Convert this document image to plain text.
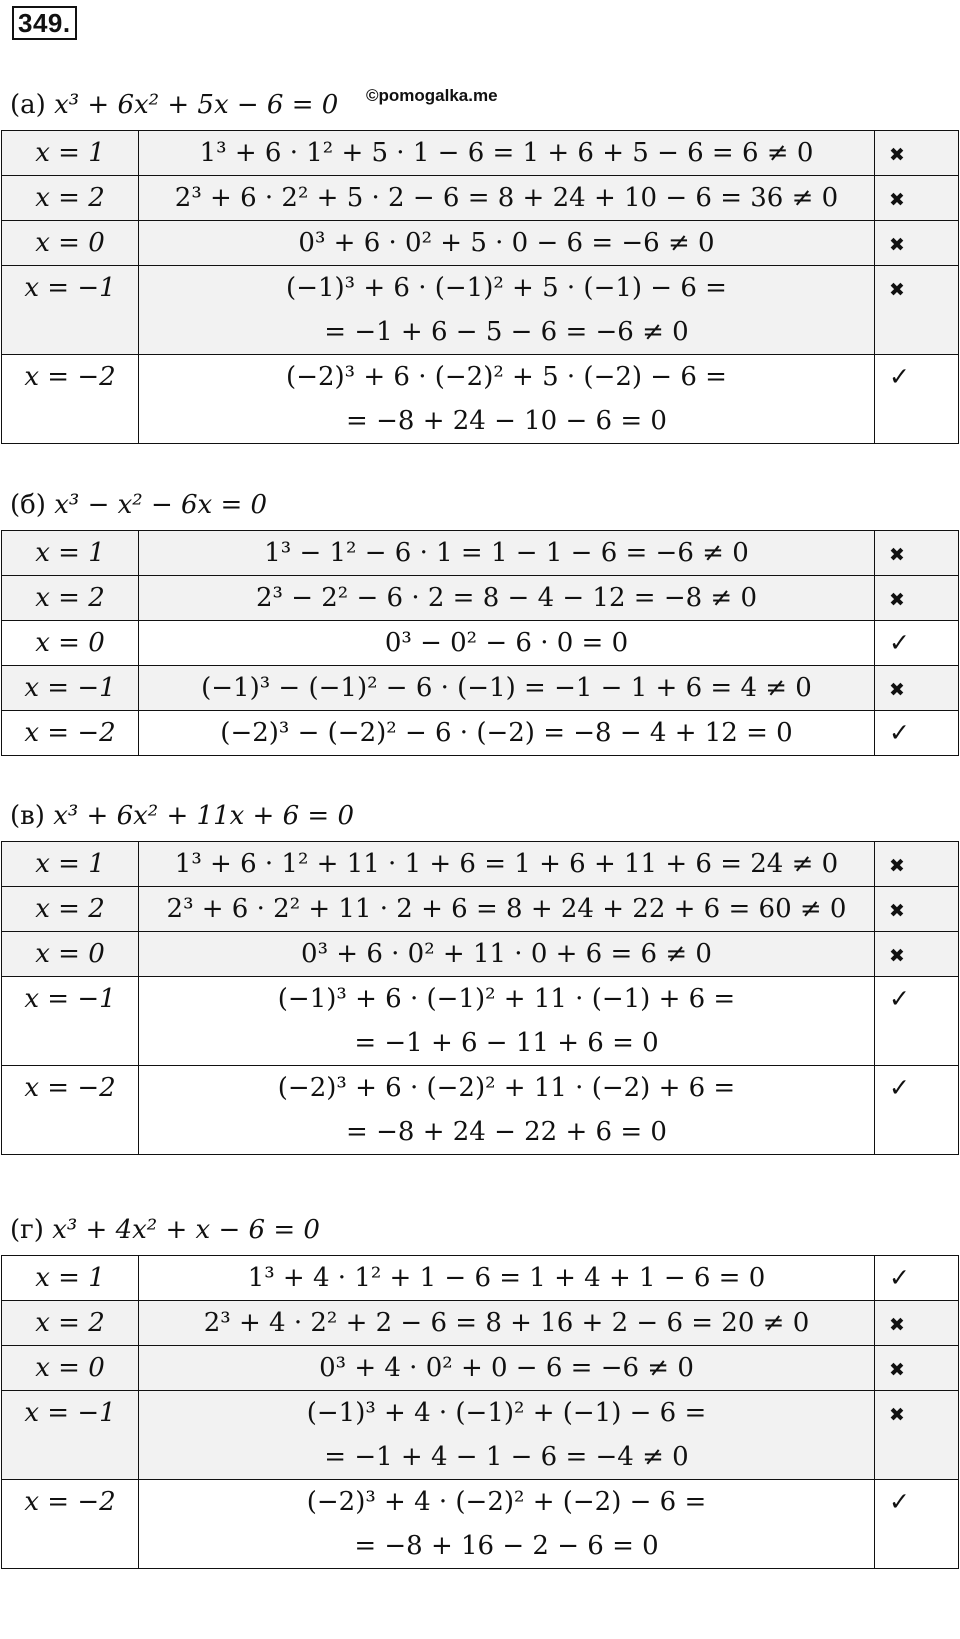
349.
©pomogalka.me
(а) x³ + 6x² + 5x − 6 = 0
x = 1	1³ + 6 · 1² + 5 · 1 − 6 = 1 + 6 + 5 − 6 = 6 ≠ 0	✖
x = 2	2³ + 6 · 2² + 5 · 2 − 6 = 8 + 24 + 10 − 6 = 36 ≠ 0	✖
x = 0	0³ + 6 · 0² + 5 · 0 − 6 = −6 ≠ 0	✖
x = −1	(−1)³ + 6 · (−1)² + 5 · (−1) − 6 =
= −1 + 6 − 5 − 6 = −6 ≠ 0	✖
x = −2	(−2)³ + 6 · (−2)² + 5 · (−2) − 6 =
= −8 + 24 − 10 − 6 = 0	✓
(б) x³ − x² − 6x = 0
x = 1	1³ − 1² − 6 · 1 = 1 − 1 − 6 = −6 ≠ 0	✖
x = 2	2³ − 2² − 6 · 2 = 8 − 4 − 12 = −8 ≠ 0	✖
x = 0	0³ − 0² − 6 · 0 = 0	✓
x = −1	(−1)³ − (−1)² − 6 · (−1) = −1 − 1 + 6 = 4 ≠ 0	✖
x = −2	(−2)³ − (−2)² − 6 · (−2) = −8 − 4 + 12 = 0	✓
(в) x³ + 6x² + 11x + 6 = 0
x = 1	1³ + 6 · 1² + 11 · 1 + 6 = 1 + 6 + 11 + 6 = 24 ≠ 0	✖
x = 2	2³ + 6 · 2² + 11 · 2 + 6 = 8 + 24 + 22 + 6 = 60 ≠ 0	✖
x = 0	0³ + 6 · 0² + 11 · 0 + 6 = 6 ≠ 0	✖
x = −1	(−1)³ + 6 · (−1)² + 11 · (−1) + 6 =
= −1 + 6 − 11 + 6 = 0	✓
x = −2	(−2)³ + 6 · (−2)² + 11 · (−2) + 6 =
= −8 + 24 − 22 + 6 = 0	✓
(г) x³ + 4x² + x − 6 = 0
x = 1	1³ + 4 · 1² + 1 − 6 = 1 + 4 + 1 − 6 = 0	✓
x = 2	2³ + 4 · 2² + 2 − 6 = 8 + 16 + 2 − 6 = 20 ≠ 0	✖
x = 0	0³ + 4 · 0² + 0 − 6 = −6 ≠ 0	✖
x = −1	(−1)³ + 4 · (−1)² + (−1) − 6 =
= −1 + 4 − 1 − 6 = −4 ≠ 0	✖
x = −2	(−2)³ + 4 · (−2)² + (−2) − 6 =
= −8 + 16 − 2 − 6 = 0	✓
